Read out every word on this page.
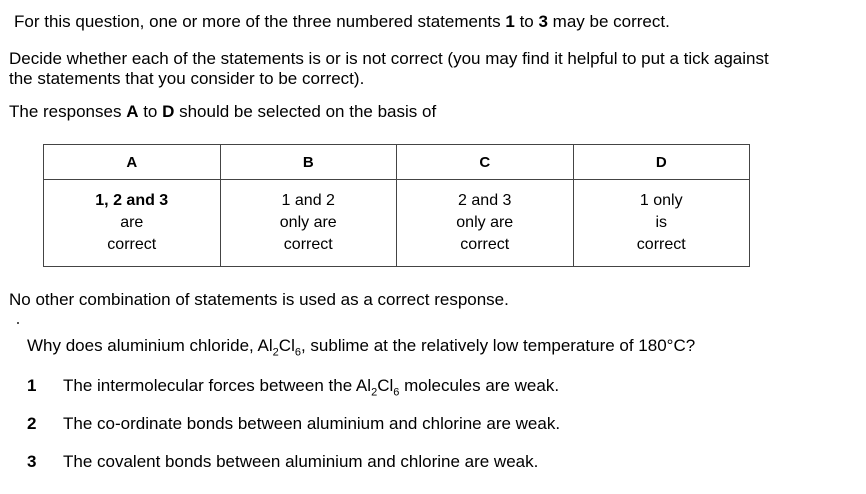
For this question, one or more of the three numbered statements 1 to 3 may be correct.
Decide whether each of the statements is or is not correct (you may find it helpful to put a tick against
the statements that you consider to be correct).
The responses A to D should be selected on the basis of
A	B	C	D

1, 2 and 3
are
correct	1 and 2
only are
correct	2 and 3
only are
correct	1 only
is
correct
No other combination of statements is used as a correct response.
Why does aluminium chloride, $Al_2Cl_6$, sublime at the relatively low temperature of 180°C?
1 The intermolecular forces between the $Al_2Cl_6$ molecules are weak.
2 The co-ordinate bonds between aluminium and chlorine are weak.
3 The covalent bonds between aluminium and chlorine are weak.
